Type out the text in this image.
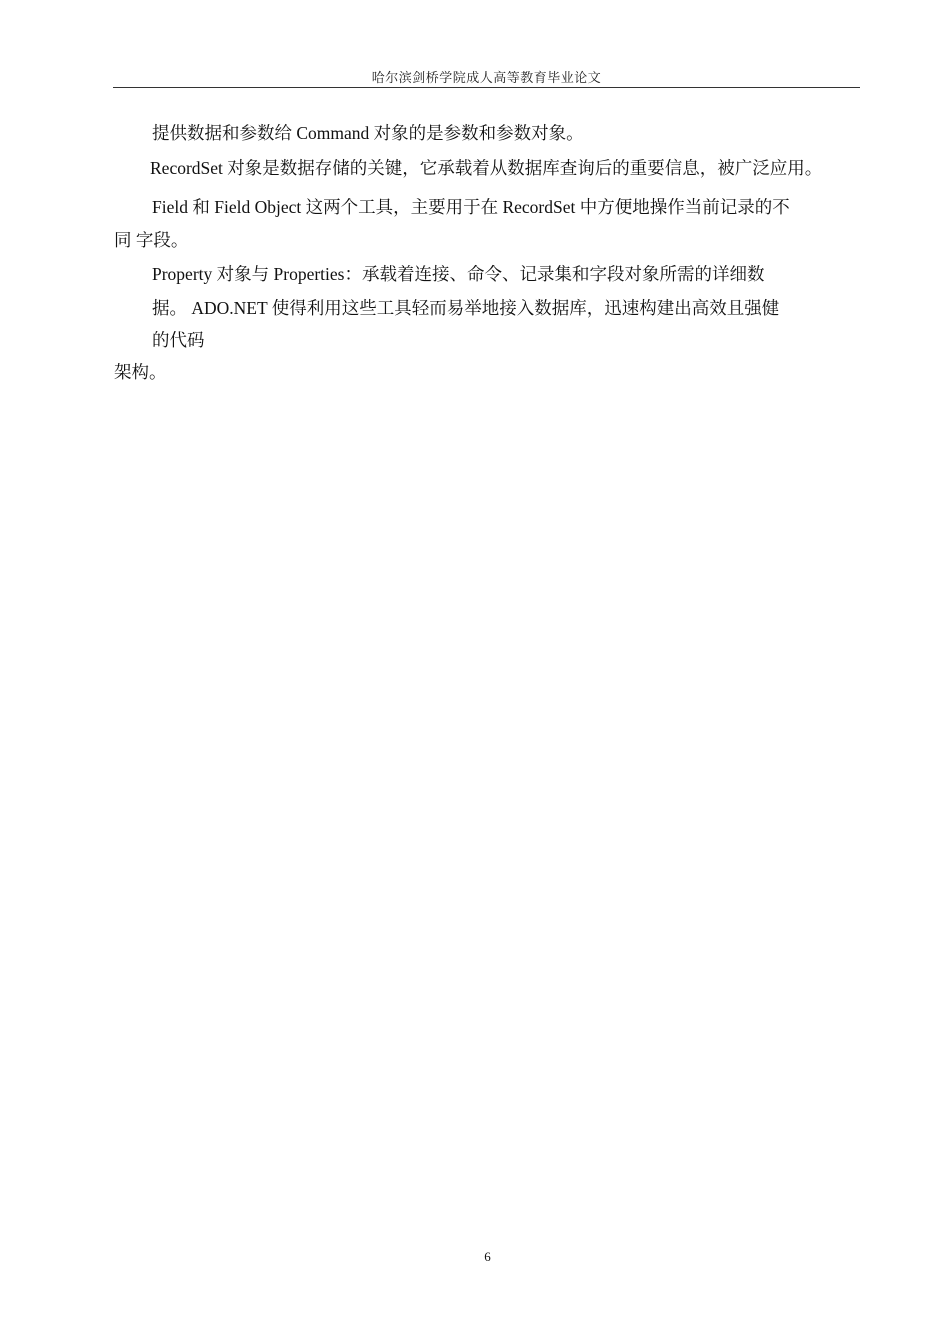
哈尔滨剑桥学院成人高等教育毕业论文
提供数据和参数给 Command 对象的是参数和参数对象。
RecordSet 对象是数据存储的关键，它承载着从数据库查询后的重要信息，被广泛应用。
Field 和 Field Object 这两个工具，主要用于在 RecordSet 中方便地操作当前记录的不
同 字段。
Property 对象与 Properties：承载着连接、命令、记录集和字段对象所需的详细数
据。 ADO.NET 使得利用这些工具轻而易举地接入数据库，迅速构建出高效且强健
的代码
架构。
6
